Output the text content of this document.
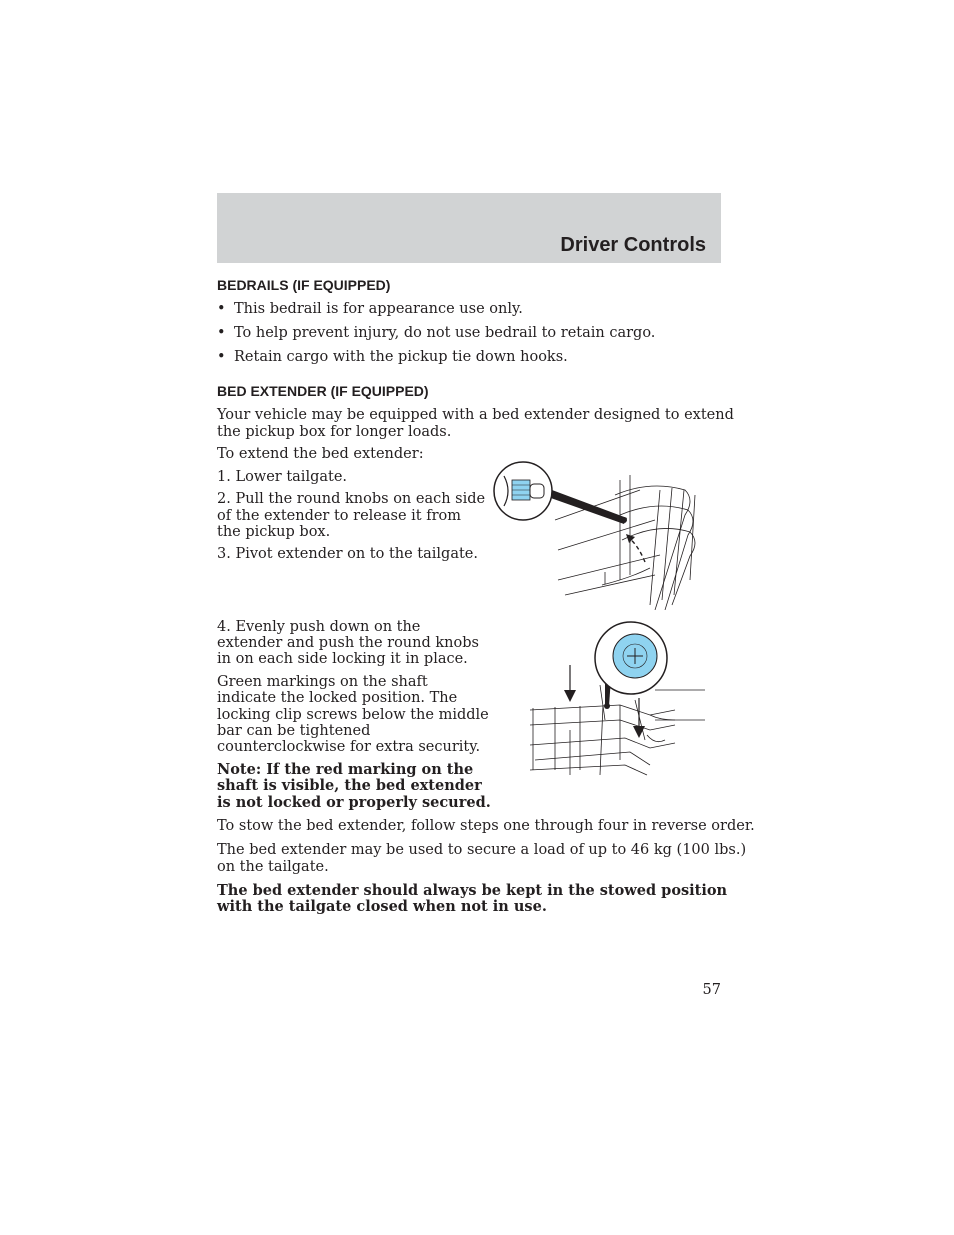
Driver Controls
BEDRAILS (IF EQUIPPED)
• This bedrail is for appearance use only.
• To help prevent injury, do not use bedrail to retain cargo.
• Retain cargo with the pickup tie down hooks.
BED EXTENDER (IF EQUIPPED)
Your vehicle may be equipped with a bed extender designed to extend
the pickup box for longer loads.
To extend the bed extender:
1. Lower tailgate.
2. Pull the round knobs on each side
of the extender to release it from
the pickup box.
3. Pivot extender on to the tailgate.
4. Evenly push down on the
extender and push the round knobs
in on each side locking it in place.
Green markings on the shaft
indicate the locked position. The
locking clip screws below the middle
bar can be tightened
counterclockwise for extra security.
Note: If the red marking on the
shaft is visible, the bed extender
is not locked or properly secured.
To stow the bed extender, follow steps one through four in reverse order.
The bed extender may be used to secure a load of up to 46 kg (100 lbs.)
on the tailgate.
The bed extender should always be kept in the stowed position
with the tailgate closed when not in use.
57
